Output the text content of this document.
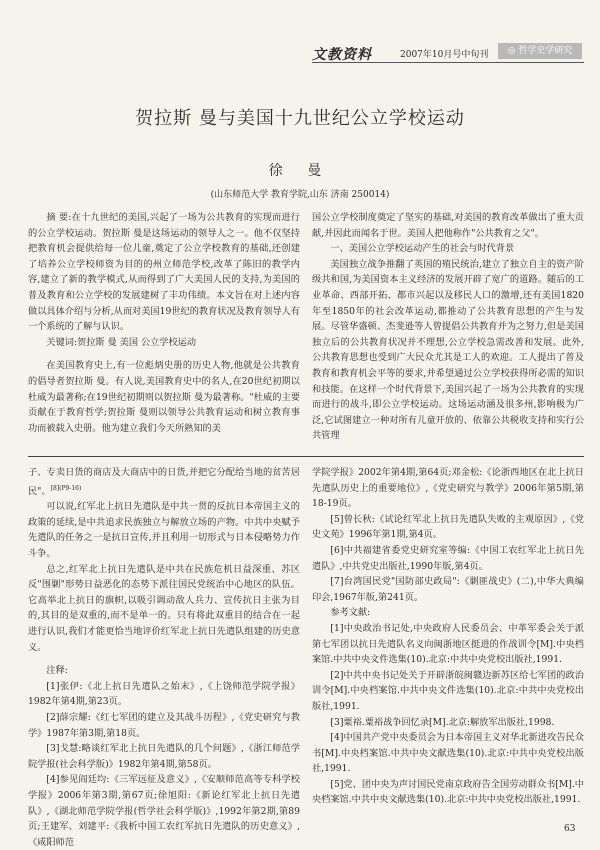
文教资料	2007年10月号中旬刊	◎ 哲学史学研究
贺拉斯 曼与美国十九世纪公立学校运动
徐 曼
(山东师范大学 教育学院,山东 济南 250014)

摘 要:在十九世纪的美国,兴起了一场为公共教育的实现而进行的公立学校运动。贺拉斯 曼是这场运动的领导人之一。他不仅坚持把教育机会提供给每一位儿童,奠定了公立学校教育的基础,还创建了培养公立学校师资为目的的州立师范学校,改革了陈旧的教学内容,建立了新的教学模式,从而得到了广大美国人民的支持,为美国的普及教育和公立学校的发展建树了丰功伟绩。本文旨在对上述内容做以具体介绍与分析,从而对美国19世纪的教育状况及教育领导人有一个系统的了解与认识。

关键词:贺拉斯 曼 美国 公立学校运动

在美国教育史上,有一位彪炳史册的历史人物,他就是公共教育的倡导者贺拉斯 曼。有人说,美国教育史中的名人,在20世纪初期以杜威为最著称;在19世纪初期则以贺拉斯 曼为最著称。"杜威的主要贡献在于教育哲学;贺拉斯 曼则以领导公共教育运动和树立教育事功而被载入史册。他为建立我们今天所熟知的美

国公立学校制度奠定了坚实的基础,对美国的教育改革做出了重大贡献,并因此而闻名于世。美国人把他称作"公共教育之父"。

一、美国公立学校运动产生的社会与时代背景

美国独立战争推翻了英国的殖民统治,建立了独立自主的资产阶级共和国,为美国资本主义经济的发展开辟了宽广的道路。随后的工业革命、西部开拓、都市兴起以及移民人口的激增,还有美国1820年至1850年的社会改革运动,都推动了公共教育思想的产生与发展。尽管华盛顿、杰斐逊等人曾提倡公共教育并为之努力,但是美国独立后的公共教育状况并不理想,公立学校急需改善和发展。此外,公共教育思想也受到广大民众尤其是工人的欢迎。工人提出了普及教育和教育机会平等的要求,并希望通过公立学校获得所必需的知识和技能。在这样一个时代背景下,美国兴起了一场为公共教育的实现而进行的战斗,即公立学校运动。这场运动涵及很多州,影响极为广泛,它试图建立一种对所有儿童开放的、依靠公共税收支持和实行公共管理

子、专卖日货的商店及大商店中的日货,并把它分配给当地的贫苦居民"。$^{[8](P9-16)}$

可以说,红军北上抗日先遣队是中共一贯的反抗日本帝国主义的政策的延续,是中共追求民族独立与解放立场的产物。中共中央赋予先遣队的任务之一是抗日宣传,并且利用一切形式与日本侵略势力作斗争。

总之,红军北上抗日先遣队是中共在民族危机日益深重、苏区反"围剿"形势日益恶化的态势下派往国民党统治中心地区的队伍。它高举北上抗日的旗帜,以吸引调动敌人兵力、宣传抗日主张为目的,其目的是双重的,而不是单一的。只有将此双重目的结合在一起进行认识,我们才能更恰当地评价红军北上抗日先遣队组建的历史意义。

注释:

[1]张伊:《北上抗日先遣队之始末》,《上饶师范学院学报》1982年第4期,第23页。

[2]薛宗耀:《红七军团的建立及其战斗历程》,《党史研究与教学》1987年第3期,第18页。

[3]戈慧:略谈红军北上抗日先遣队的几个问题》,《浙江师范学院学报(社会科学版)》1982年第4期,第58页。

[4]参见阎廷均:《三军远征及意义》,《安顺师范高等专科学校学报》2006年第3期,第67页;徐旭阳:《新论红军北上抗日先遣队》,《湖北师范学院学报(哲学社会科学版)》,1992年第2期,第89页;王建军、刘建平:《我析中国工农红军抗日先遣队的历史意义》,《咸阳师范

学院学报》2002年第4期,第64页;邓金松:《论浙西地区在北上抗日先遣队历史上的重要地位》,《党史研究与教学》2006年第5期,第18-19页。

[5]曾长秋:《试论红军北上抗日先遣队失败的主观原因》,《党史文苑》1996年第1期,第4页。

[6]中共福建省委党史研究室等编:《中国工农红军北上抗日先遣队》,中共党史出版社,1990年版,第4页。

[7]台湾国民党"国防部史政局":《剿匪战史》(二),中华大典编印会,1967年版,第241页。

参考文献:

[1]中央政治书记处,中央政府人民委员会、中革军委会关于派第七军团以抗日先遣队名义向闽浙地区挺进的作战训令[M].中央档案馆.中共中央文件选集(10).北京:中共中央党校出版社,1991.

[2]中共中央书记处关于开辟浙皖闽赣边新苏区给七军团的政治训令[M].中央档案馆.中共中央文件选集(10).北京:中共中央党校出版社,1991.

[3]粟裕.粟裕战争回忆录[M].北京:解放军出版社,1998.

[4]中国共产党中央委员会为日本帝国主义对华北新进攻告民众书[M].中央档案馆.中共中央文献选集(10).北京:中共中央党校出版社,1991.

[5]党、团中央为声讨国民党南京政府告全国劳动群众书[M].中央档案馆.中共中央文献选集(10).北京:中共中央党校出版社,1991.

63
